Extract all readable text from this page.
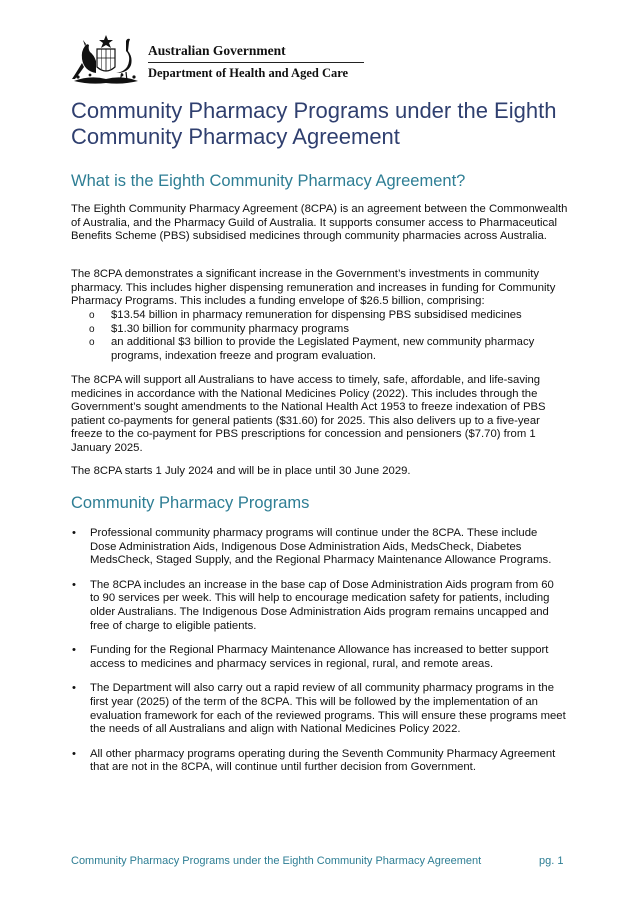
Australian Government
Department of Health and Aged Care
Community Pharmacy Programs under the Eighth Community Pharmacy Agreement
What is the Eighth Community Pharmacy Agreement?

The Eighth Community Pharmacy Agreement (8CPA) is an agreement between the Commonwealth of Australia, and the Pharmacy Guild of Australia. It supports consumer access to Pharmaceutical Benefits Scheme (PBS) subsidised medicines through community pharmacies across Australia.

The 8CPA demonstrates a significant increase in the Government’s investments in community pharmacy. This includes higher dispensing remuneration and increases in funding for Community Pharmacy Programs. This includes a funding envelope of $26.5 billion, comprising:

o $13.54 billion in pharmacy remuneration for dispensing PBS subsidised medicines
o $1.30 billion for community pharmacy programs
o an additional $3 billion to provide the Legislated Payment, new community pharmacy programs, indexation freeze and program evaluation.

The 8CPA will support all Australians to have access to timely, safe, affordable, and life-saving medicines in accordance with the National Medicines Policy (2022). This includes through the Government’s sought amendments to the National Health Act 1953 to freeze indexation of PBS patient co-payments for general patients ($31.60) for 2025. This also delivers up to a five-year freeze to the co-payment for PBS prescriptions for concession and pensioners ($7.70) from 1 January 2025.

The 8CPA starts 1 July 2024 and will be in place until 30 June 2029.

Community Pharmacy Programs
• Professional community pharmacy programs will continue under the 8CPA. These include Dose Administration Aids, Indigenous Dose Administration Aids, MedsCheck, Diabetes MedsCheck, Staged Supply, and the Regional Pharmacy Maintenance Allowance Programs.
• The 8CPA includes an increase in the base cap of Dose Administration Aids program from 60 to 90 services per week. This will help to encourage medication safety for patients, including older Australians. The Indigenous Dose Administration Aids program remains uncapped and free of charge to eligible patients.
• Funding for the Regional Pharmacy Maintenance Allowance has increased to better support access to medicines and pharmacy services in regional, rural, and remote areas.
• The Department will also carry out a rapid review of all community pharmacy programs in the first year (2025) of the term of the 8CPA. This will be followed by the implementation of an evaluation framework for each of the reviewed programs. This will ensure these programs meet the needs of all Australians and align with National Medicines Policy 2022.
• All other pharmacy programs operating during the Seventh Community Pharmacy Agreement that are not in the 8CPA, will continue until further decision from Government.
Community Pharmacy Programs under the Eighth Community Pharmacy Agreement	pg. 1
